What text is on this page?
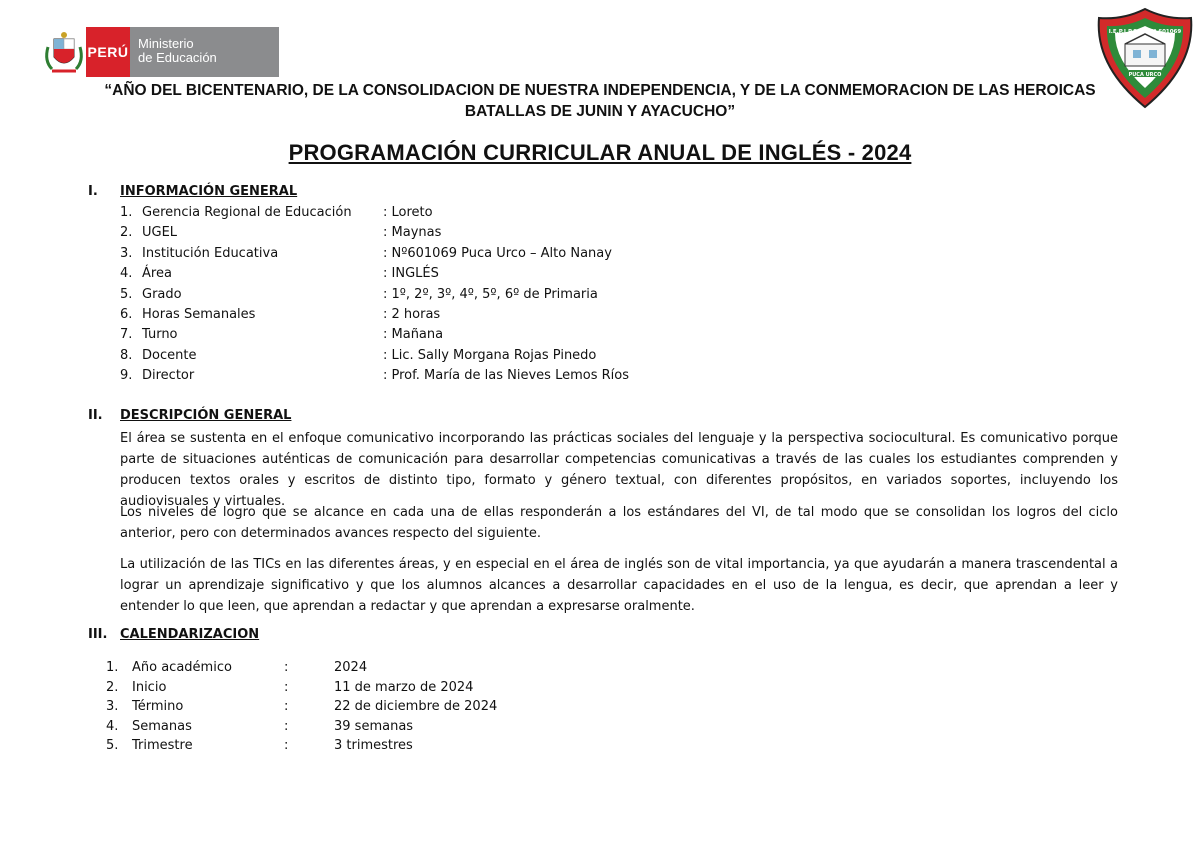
PERÚ
Ministerio
de Educación
I.E.P.I.P.S.M. Nº 601069
PUCA URCO
“AÑO DEL BICENTENARIO, DE LA CONSOLIDACION DE NUESTRA INDEPENDENCIA, Y DE LA CONMEMORACION DE LAS HEROICAS BATALLAS DE JUNIN Y AYACUCHO”
PROGRAMACIÓN CURRICULAR ANUAL DE INGLÉS - 2024
I. INFORMACIÓN GENERAL
1. Gerencia Regional de Educación : Loreto
2. UGEL	: Maynas
3. Institución Educativa	: Nº601069 Puca Urco – Alto Nanay
4. Área	: INGLÉS
5. Grado	: 1º, 2º, 3º, 4º, 5º, 6º de Primaria
6. Horas Semanales	: 2 horas
7. Turno	: Mañana
8. Docente	: Lic. Sally Morgana Rojas Pinedo
9. Director	: Prof. María de las Nieves Lemos Ríos
II. DESCRIPCIÓN GENERAL
El área se sustenta en el enfoque comunicativo incorporando las prácticas sociales del lenguaje y la perspectiva sociocultural. Es comunicativo porque parte de situaciones auténticas de comunicación para desarrollar competencias comunicativas a través de las cuales los estudiantes comprenden y producen textos orales y escritos de distinto tipo, formato y género textual, con diferentes propósitos, en variados soportes, incluyendo los audiovisuales y virtuales.
Los niveles de logro que se alcance en cada una de ellas responderán a los estándares del VI, de tal modo que se consolidan los logros del ciclo anterior, pero con determinados avances respecto del siguiente.
La utilización de las TICs en las diferentes áreas, y en especial en el área de inglés son de vital importancia, ya que ayudarán a manera trascendental a lograr un aprendizaje significativo y que los alumnos alcances a desarrollar capacidades en el uso de la lengua, es decir, que aprendan a leer y entender lo que leen, que aprendan a redactar y que aprendan a expresarse oralmente.
III. CALENDARIZACION
1.	Año académico	:	2024
2.	Inicio	:	11 de marzo de 2024
3.	Término	:	22 de diciembre de 2024
4.	Semanas	:	39 semanas
5.	Trimestre	:	3 trimestres
